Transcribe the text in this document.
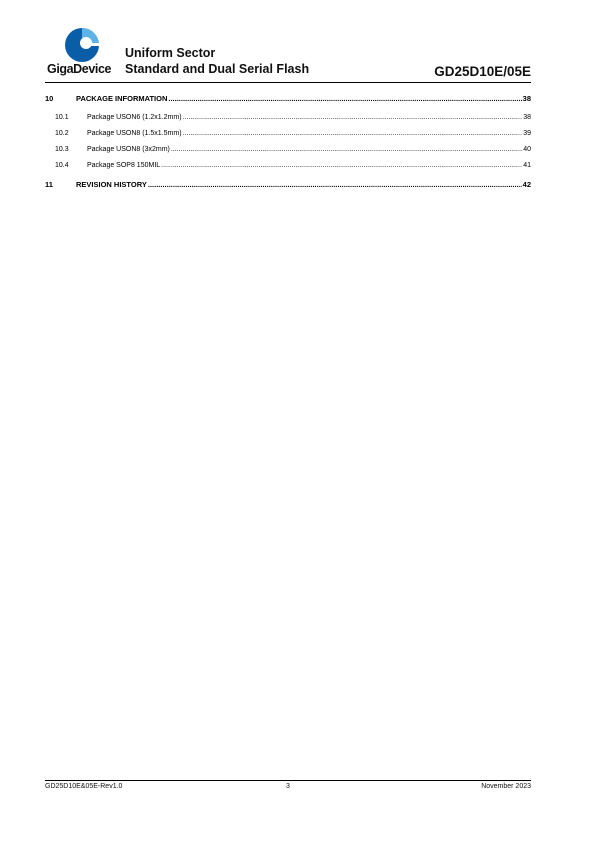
GigaDevice
Uniform Sector
Standard and Dual Serial Flash	GD25D10E/05E
10	PACKAGE INFORMATION .....	38
10.1	Package USON6 (1.2x1.2mm) .....	38
10.2	Package USON8 (1.5x1.5mm) .....	39
10.3	Package USON8 (3x2mm) .....	40
10.4	Package SOP8 150MIL .....	41
11	REVISION HISTORY .....	42
GD25D10E&05E-Rev1.0	3	November 2023
